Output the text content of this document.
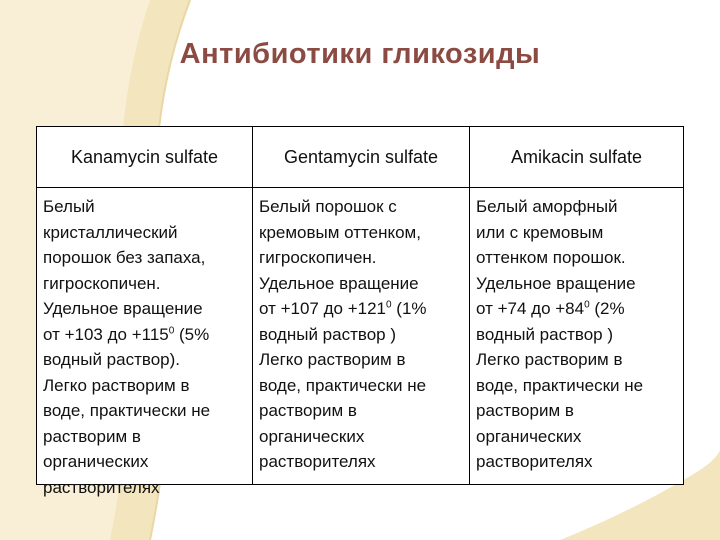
Антибиотики гликозиды
Kanamycin sulfate	Gentamycin sulfate	Amikacin sulfate
Белый
кристаллический
порошок без запаха,
гигроскопичен.
Удельное вращение
от +103 до $+115^0$ (5%
водный раствор).
Легко растворим в
воде, практически не
растворим в
органических
растворителях
Белый порошок с
кремовым оттенком,
гигроскопичен.
Удельное вращение
от +107 до $+121^0$ (1%
водный раствор )
Легко растворим в
воде, практически не
растворим в
органических
растворителях
Белый аморфный
или с кремовым
оттенком порошок.
Удельное вращение
от +74 до $+84^0$ (2%
водный раствор )
Легко растворим в
воде, практически не
растворим в
органических
растворителях
